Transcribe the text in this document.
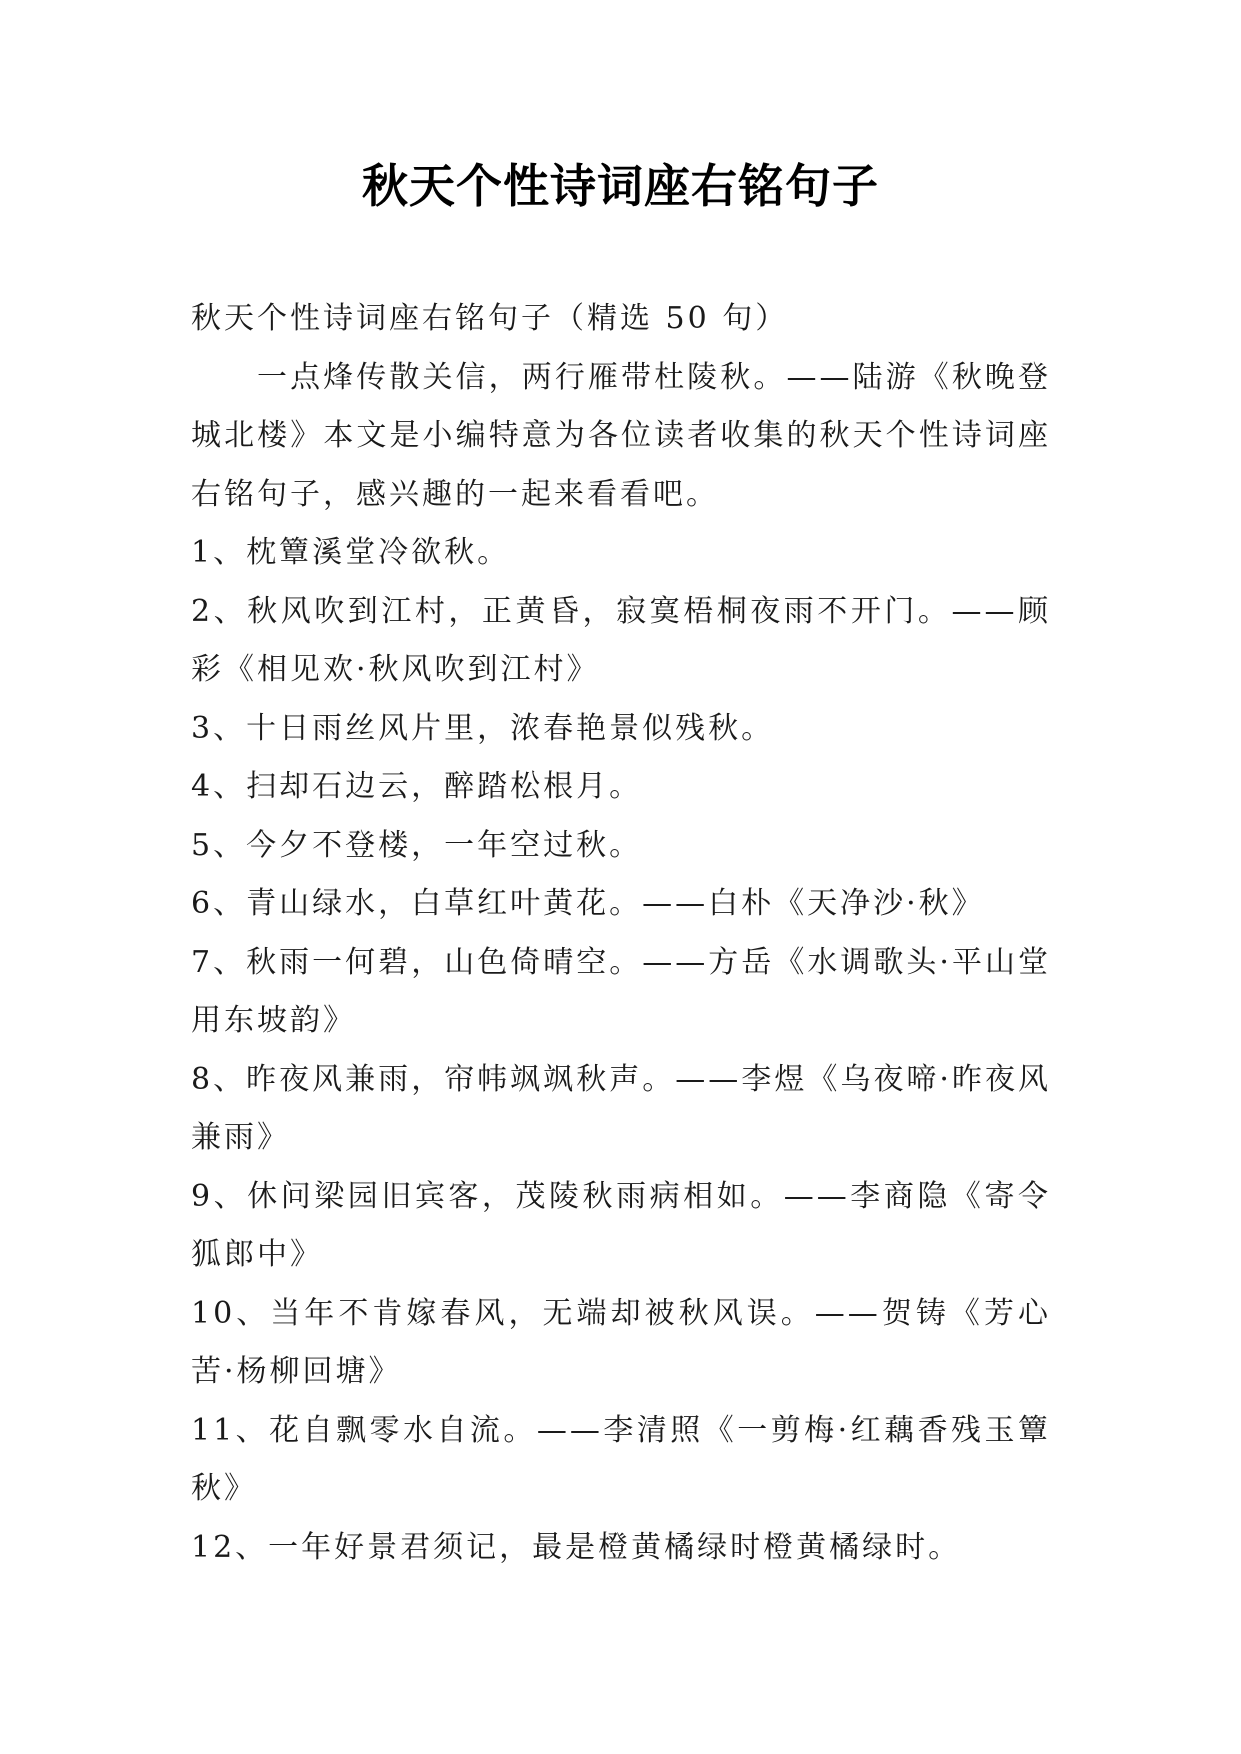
秋天个性诗词座右铭句子

秋天个性诗词座右铭句子（精选 50 句）

一点烽传散关信，两行雁带杜陵秋。——陆游《秋晚登城北楼》本文是小编特意为各位读者收集的秋天个性诗词座右铭句子，感兴趣的一起来看看吧。

1、枕簟溪堂冷欲秋。

2、秋风吹到江村，正黄昏，寂寞梧桐夜雨不开门。——顾彩《相见欢·秋风吹到江村》

3、十日雨丝风片里，浓春艳景似残秋。

4、扫却石边云，醉踏松根月。

5、今夕不登楼，一年空过秋。

6、青山绿水，白草红叶黄花。——白朴《天净沙·秋》

7、秋雨一何碧，山色倚晴空。——方岳《水调歌头·平山堂用东坡韵》

8、昨夜风兼雨，帘帏飒飒秋声。——李煜《乌夜啼·昨夜风兼雨》

9、休问梁园旧宾客，茂陵秋雨病相如。——李商隐《寄令狐郎中》

10、当年不肯嫁春风，无端却被秋风误。——贺铸《芳心苦·杨柳回塘》

11、花自飘零水自流。——李清照《一剪梅·红藕香残玉簟秋》

12、一年好景君须记，最是橙黄橘绿时橙黄橘绿时。
